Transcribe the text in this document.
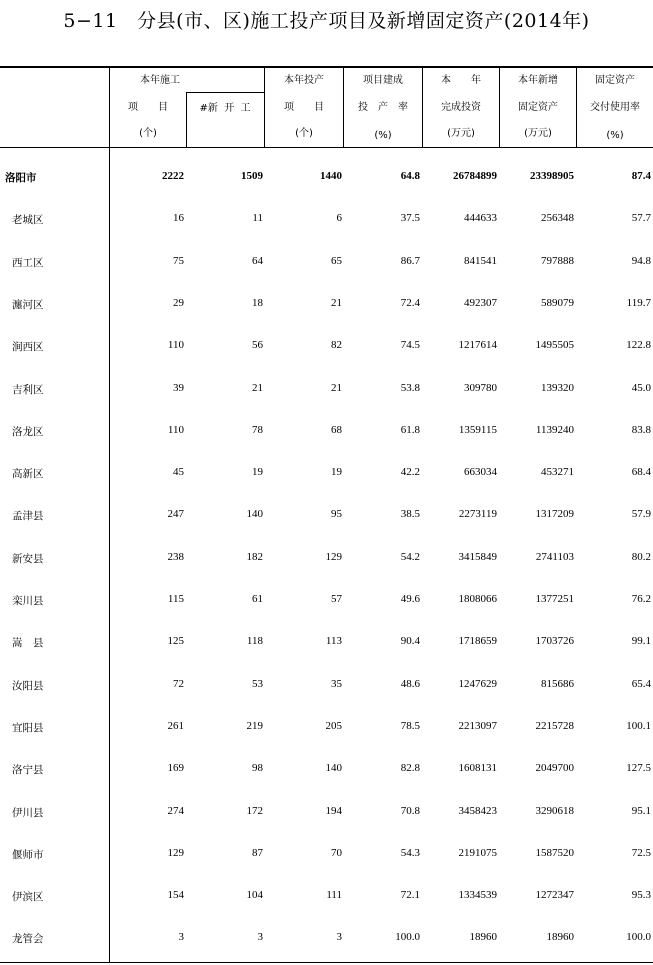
5−11　分县(市、区)施工投产项目及新增固定资产(2014年)
本年施工
项　　目
(个)
#新  开  工
本年投产
项　　目
(个)
项目建成
投　产　率
(%)
本　　年
完成投资
(万元)
本年新增
固定资产
(万元)
固定资产
交付使用率
(%)
洛阳市	2222	1509	1440	64.8	26784899	23398905	87.4
老城区	16	11	6	37.5	444633	256348	57.7
西工区	75	64	65	86.7	841541	797888	94.8
瀍河区	29	18	21	72.4	492307	589079	119.7
涧西区	110	56	82	74.5	1217614	1495505	122.8
吉利区	39	21	21	53.8	309780	139320	45.0
洛龙区	110	78	68	61.8	1359115	1139240	83.8
高新区	45	19	19	42.2	663034	453271	68.4
孟津县	247	140	95	38.5	2273119	1317209	57.9
新安县	238	182	129	54.2	3415849	2741103	80.2
栾川县	115	61	57	49.6	1808066	1377251	76.2
嵩　县	125	118	113	90.4	1718659	1703726	99.1
汝阳县	72	53	35	48.6	1247629	815686	65.4
宜阳县	261	219	205	78.5	2213097	2215728	100.1
洛宁县	169	98	140	82.8	1608131	2049700	127.5
伊川县	274	172	194	70.8	3458423	3290618	95.1
偃师市	129	87	70	54.3	2191075	1587520	72.5
伊滨区	154	104	111	72.1	1334539	1272347	95.3
龙管会	3	3	3	100.0	18960	18960	100.0
